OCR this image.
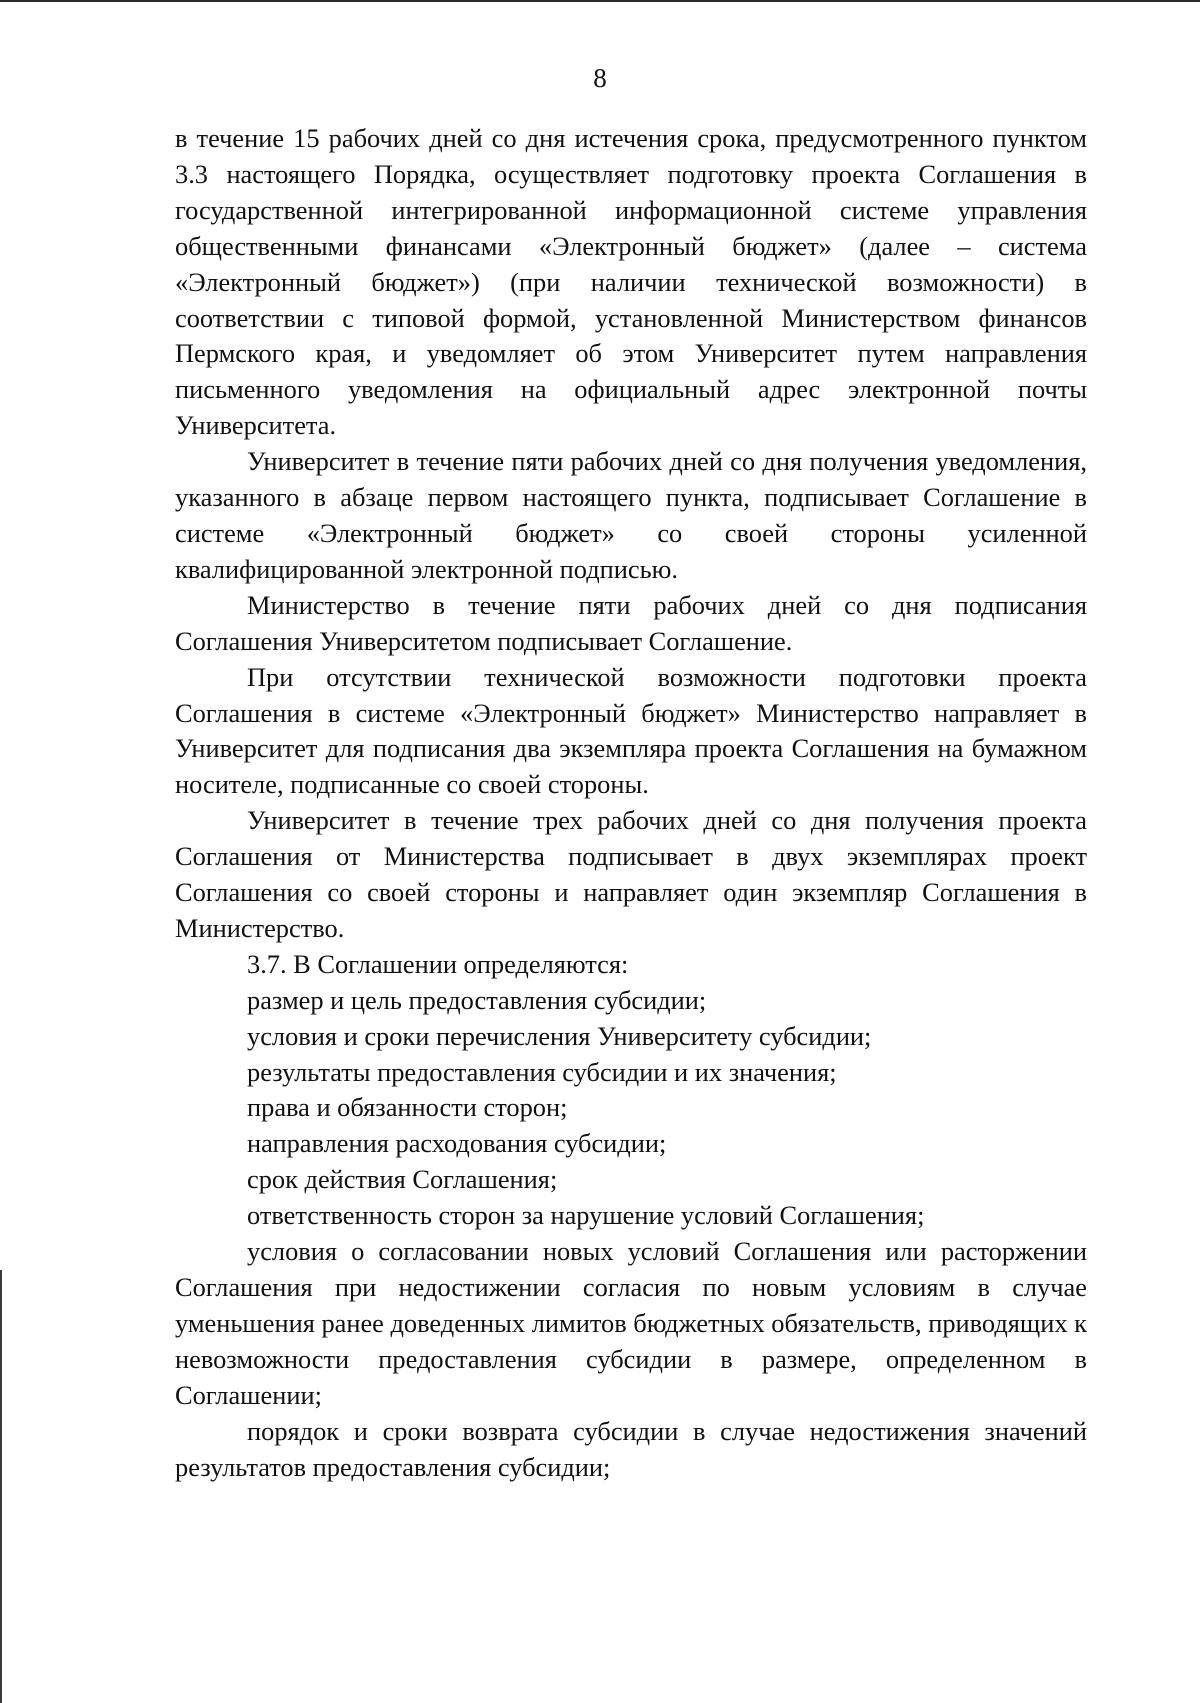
8

в течение 15 рабочих дней со дня истечения срока, предусмотренного пунктом 3.3 настоящего Порядка, осуществляет подготовку проекта Соглашения в государственной интегрированной информационной системе управления общественными финансами «Электронный бюджет» (далее – система «Электронный бюджет») (при наличии технической возможности) в соответствии с типовой формой, установленной Министерством финансов Пермского края, и уведомляет об этом Университет путем направления письменного уведомления на официальный адрес электронной почты Университета.

Университет в течение пяти рабочих дней со дня получения уведомления, указанного в абзаце первом настоящего пункта, подписывает Соглашение в системе «Электронный бюджет» со своей стороны усиленной квалифицированной электронной подписью.

Министерство в течение пяти рабочих дней со дня подписания Соглашения Университетом подписывает Соглашение.

При отсутствии технической возможности подготовки проекта Соглашения в системе «Электронный бюджет» Министерство направляет в Университет для подписания два экземпляра проекта Соглашения на бумажном носителе, подписанные со своей стороны.

Университет в течение трех рабочих дней со дня получения проекта Соглашения от Министерства подписывает в двух экземплярах проект Соглашения со своей стороны и направляет один экземпляр Соглашения в Министерство.

3.7. В Соглашении определяются:

размер и цель предоставления субсидии;

условия и сроки перечисления Университету субсидии;

результаты предоставления субсидии и их значения;

права и обязанности сторон;

направления расходования субсидии;

срок действия Соглашения;

ответственность сторон за нарушение условий Соглашения;

условия о согласовании новых условий Соглашения или расторжении Соглашения при недостижении согласия по новым условиям в случае уменьшения ранее доведенных лимитов бюджетных обязательств, приводящих к невозможности предоставления субсидии в размере, определенном в Соглашении;

порядок и сроки возврата субсидии в случае недостижения значений результатов предоставления субсидии;
